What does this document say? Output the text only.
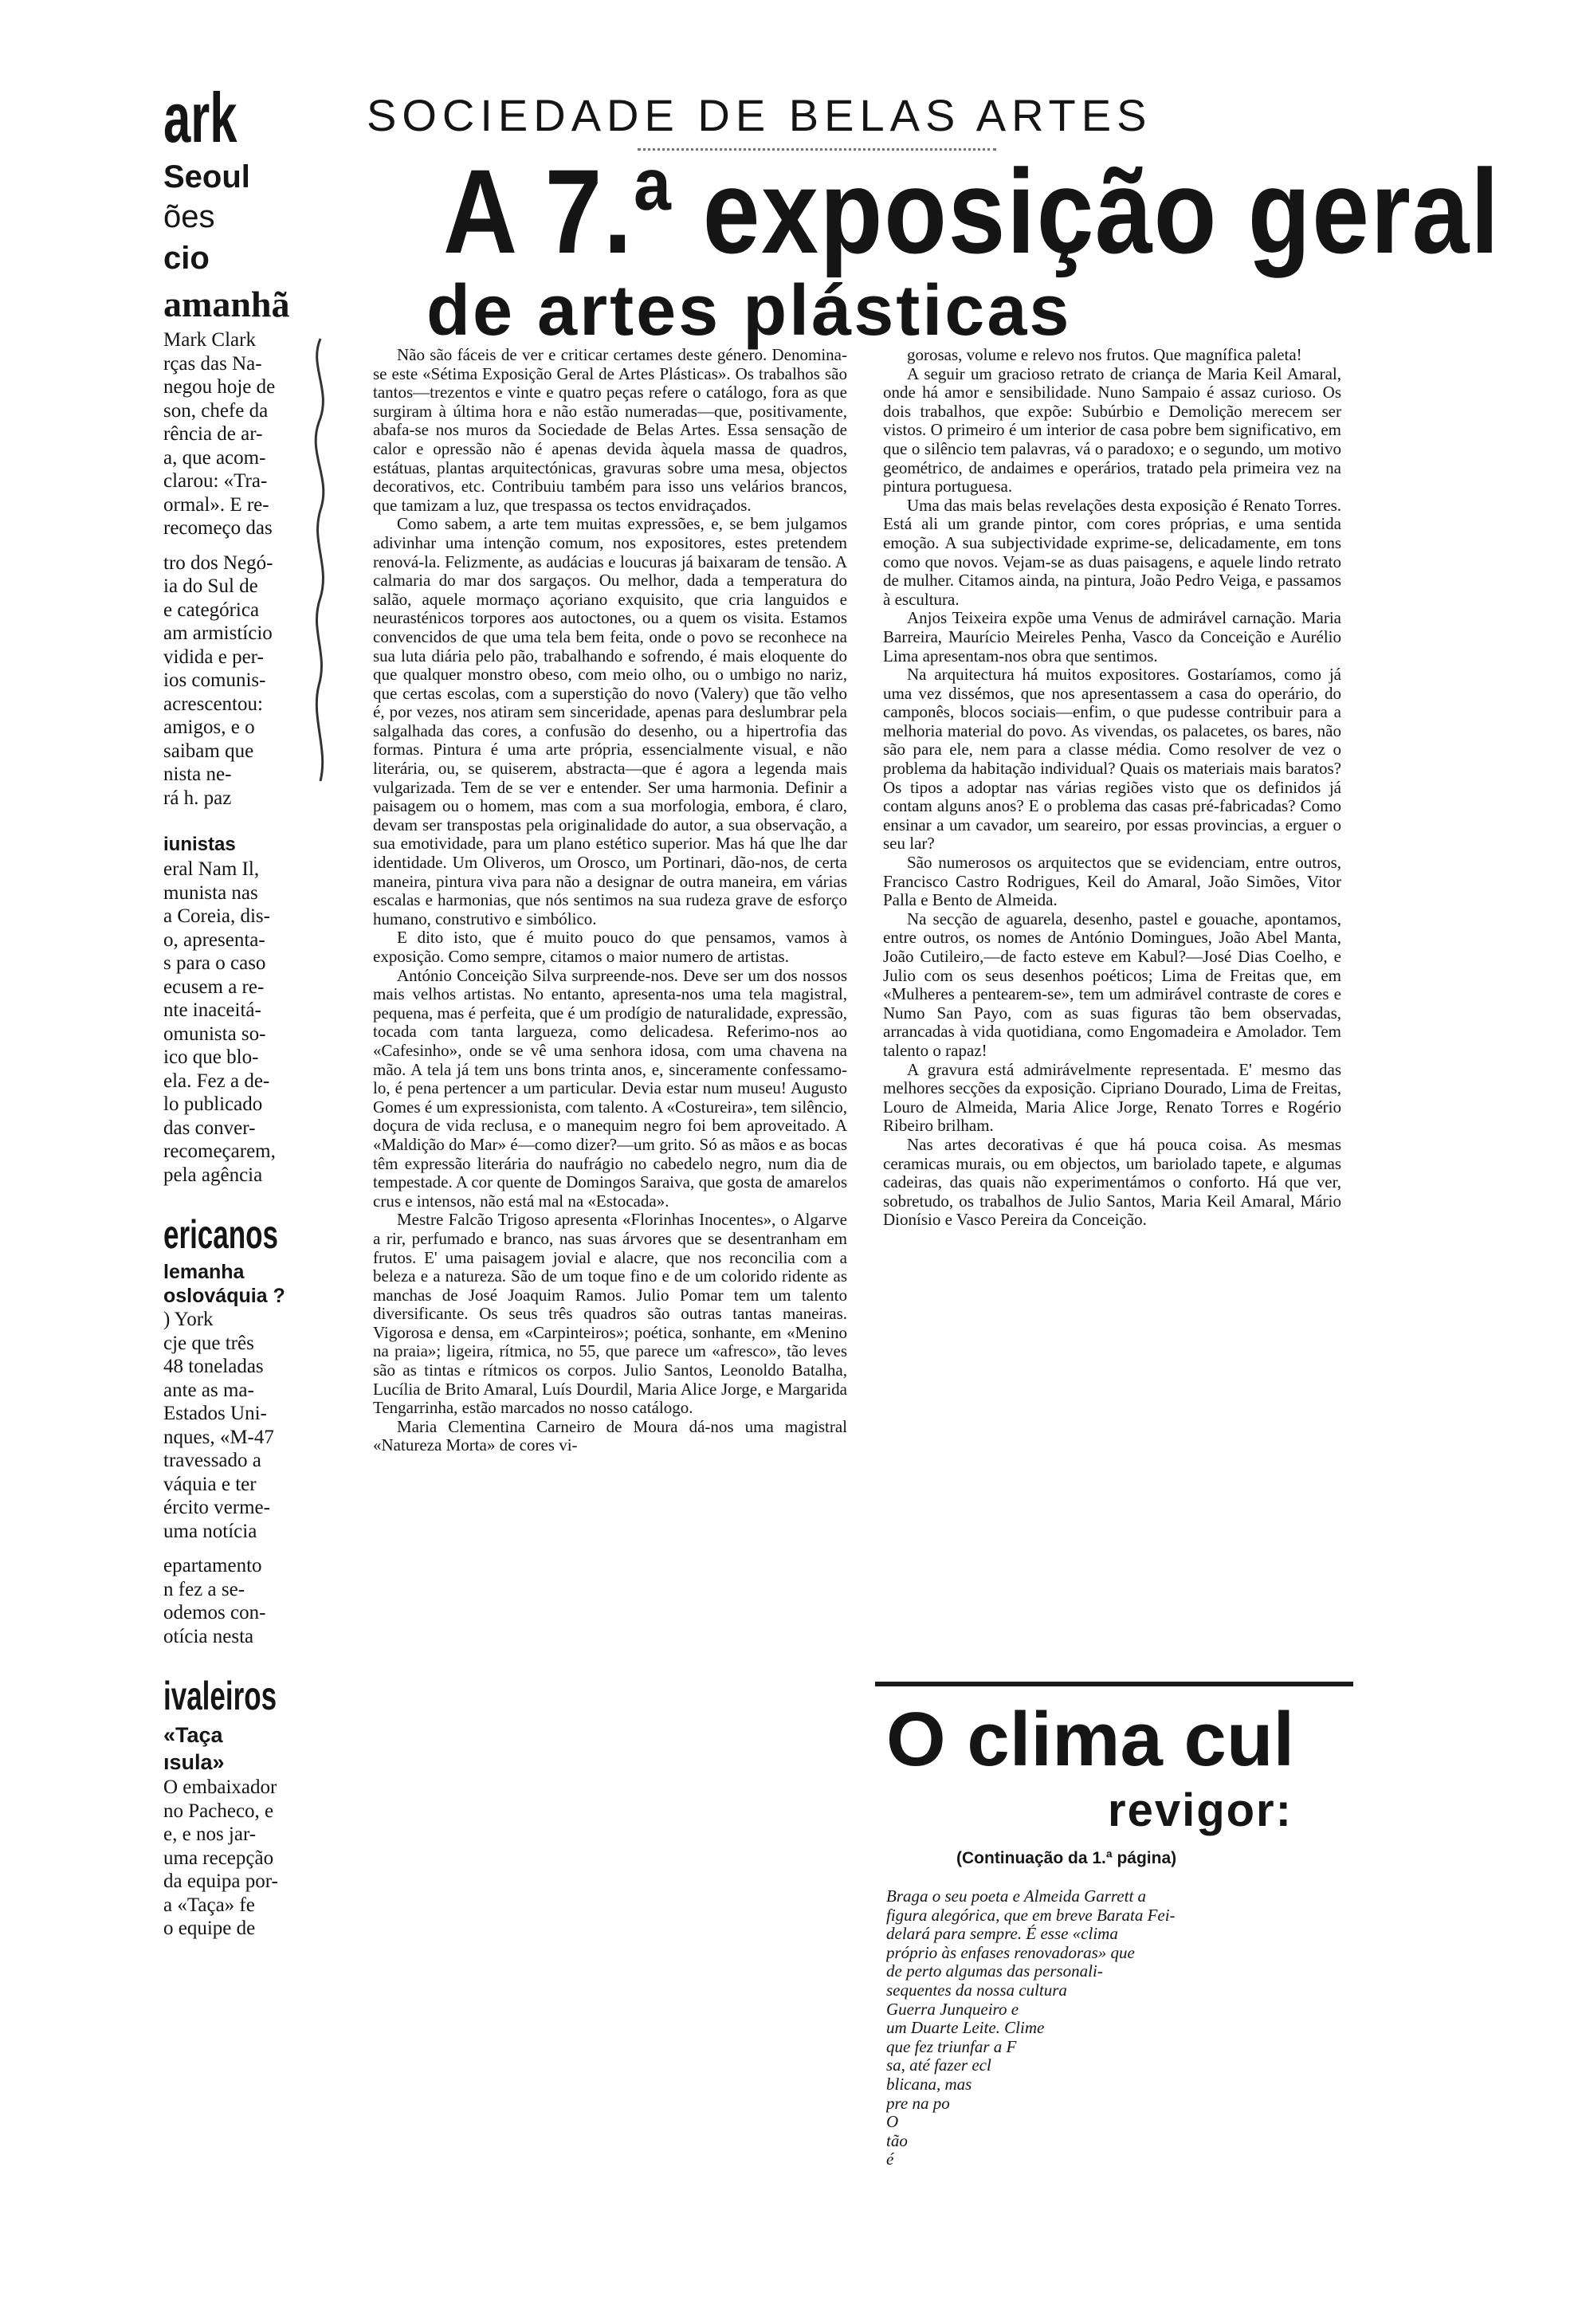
ark
Seoul
ões
cio
amanhã
Mark Clark
rças das Na-
negou hoje de
son, chefe da
rência de ar-
a, que acom-
clarou: «Tra-
ormal». E re-
recomeço das
tro dos Negó-
ia do Sul de
e categórica
am armistício
vidida e per-
ios comunis-
acrescentou:
amigos, e o
saibam que
nista ne-
rá h. paz
iunistas
eral Nam Il,
munista nas
a Coreia, dis-
o, apresenta-
s para o caso
ecusem a re-
nte inaceitá-
omunista so-
ico que blo-
ela. Fez a de-
lo publicado
das conver-
recomeçarem,
pela agência
ericanos
lemanha
oslováquia ?
) York
cje que três
48 toneladas
ante as ma-
Estados Uni-
nques, «M-47
travessado a
váquia e ter
ército verme-
uma notícia
epartamento
n fez a se-
odemos con-
otícia nesta
ivaleiros
«Taça
ısula»
O embaixador
no Pacheco, e
e, e nos jar-
uma recepção
da equipa por-
a «Taça» fe
o equipe de
SOCIEDADE DE BELAS ARTES
A 7.ª exposição geral
de artes plásticas

Não são fáceis de ver e criticar certames deste género. Denomina-se este «Sétima Exposição Geral de Artes Plásticas». Os trabalhos são tantos—trezentos e vinte e quatro peças refere o catálogo, fora as que surgiram à última hora e não estão numeradas—que, positivamente, abafa-se nos muros da Sociedade de Belas Artes. Essa sensação de calor e opressão não é apenas devida àquela massa de quadros, estátuas, plantas arquitectónicas, gravuras sobre uma mesa, objectos decorativos, etc. Contribuiu também para isso uns velários brancos, que tamizam a luz, que trespassa os tectos envidraçados.

Como sabem, a arte tem muitas expressões, e, se bem julgamos adivinhar uma intenção comum, nos expositores, estes pretendem renová-la. Felizmente, as audácias e loucuras já baixaram de tensão. A calmaria do mar dos sargaços. Ou melhor, dada a temperatura do salão, aquele mormaço açoriano exquisito, que cria languidos e neurasténicos torpores aos autoctones, ou a quem os visita. Estamos convencidos de que uma tela bem feita, onde o povo se reconhece na sua luta diária pelo pão, trabalhando e sofrendo, é mais eloquente do que qualquer monstro obeso, com meio olho, ou o umbigo no nariz, que certas escolas, com a superstição do novo (Valery) que tão velho é, por vezes, nos atiram sem sinceridade, apenas para deslumbrar pela salgalhada das cores, a confusão do desenho, ou a hipertrofia das formas. Pintura é uma arte própria, essencialmente visual, e não literária, ou, se quiserem, abstracta—que é agora a legenda mais vulgarizada. Tem de se ver e entender. Ser uma harmonia. Definir a paisagem ou o homem, mas com a sua morfologia, embora, é claro, devam ser transpostas pela originalidade do autor, a sua observação, a sua emotividade, para um plano estético superior. Mas há que lhe dar identidade. Um Oliveros, um Orosco, um Portinari, dão-nos, de certa maneira, pintura viva para não a designar de outra maneira, em várias escalas e harmonias, que nós sentimos na sua rudeza grave de esforço humano, construtivo e simbólico.

E dito isto, que é muito pouco do que pensamos, vamos à exposição. Como sempre, citamos o maior numero de artistas.

António Conceição Silva surpreende-nos. Deve ser um dos nossos mais velhos artistas. No entanto, apresenta-nos uma tela magistral, pequena, mas é perfeita, que é um prodígio de naturalidade, expressão, tocada com tanta largueza, como delicadesa. Referimo-nos ao «Cafesinho», onde se vê uma senhora idosa, com uma chavena na mão. A tela já tem uns bons trinta anos, e, sinceramente confessamo-lo, é pena pertencer a um particular. Devia estar num museu! Augusto Gomes é um expressionista, com talento. A «Costureira», tem silêncio, doçura de vida reclusa, e o manequim negro foi bem aproveitado. A «Maldição do Mar» é—como dizer?—um grito. Só as mãos e as bocas têm expressão literária do naufrágio no cabedelo negro, num dia de tempestade. A cor quente de Domingos Saraiva, que gosta de amarelos crus e intensos, não está mal na «Estocada».

Mestre Falcão Trigoso apresenta «Florinhas Inocentes», o Algarve a rir, perfumado e branco, nas suas árvores que se desentranham em frutos. E' uma paisagem jovial e alacre, que nos reconcilia com a beleza e a natureza. São de um toque fino e de um colorido ridente as manchas de José Joaquim Ramos. Julio Pomar tem um talento diversificante. Os seus três quadros são outras tantas maneiras. Vigorosa e densa, em «Carpinteiros»; poética, sonhante, em «Menino na praia»; ligeira, rítmica, no 55, que parece um «afresco», tão leves são as tintas e rítmicos os corpos. Julio Santos, Leonoldo Batalha, Lucília de Brito Amaral, Luís Dourdil, Maria Alice Jorge, e Margarida Tengarrinha, estão marcados no nosso catálogo.

Maria Clementina Carneiro de Moura dá-nos uma magistral «Natureza Morta» de cores vi-

gorosas, volume e relevo nos frutos. Que magnífica paleta!

A seguir um gracioso retrato de criança de Maria Keil Amaral, onde há amor e sensibilidade. Nuno Sampaio é assaz curioso. Os dois trabalhos, que expõe: Subúrbio e Demolição merecem ser vistos. O primeiro é um interior de casa pobre bem significativo, em que o silêncio tem palavras, vá o paradoxo; e o segundo, um motivo geométrico, de andaimes e operários, tratado pela primeira vez na pintura portuguesa.

Uma das mais belas revelações desta exposição é Renato Torres. Está ali um grande pintor, com cores próprias, e uma sentida emoção. A sua subjectividade exprime-se, delicadamente, em tons como que novos. Vejam-se as duas paisagens, e aquele lindo retrato de mulher. Citamos ainda, na pintura, João Pedro Veiga, e passamos à escultura.

Anjos Teixeira expõe uma Venus de admirável carnação. Maria Barreira, Maurício Meireles Penha, Vasco da Conceição e Aurélio Lima apresentam-nos obra que sentimos.

Na arquitectura há muitos expositores. Gostaríamos, como já uma vez dissémos, que nos apresentassem a casa do operário, do camponês, blocos sociais—enfim, o que pudesse contribuir para a melhoria material do povo. As vivendas, os palacetes, os bares, não são para ele, nem para a classe média. Como resolver de vez o problema da habitação individual? Quais os materiais mais baratos? Os tipos a adoptar nas várias regiões visto que os definidos já contam alguns anos? E o problema das casas pré-fabricadas? Como ensinar a um cavador, um seareiro, por essas provincias, a erguer o seu lar?

São numerosos os arquitectos que se evidenciam, entre outros, Francisco Castro Rodrigues, Keil do Amaral, João Simões, Vitor Palla e Bento de Almeida.

Na secção de aguarela, desenho, pastel e gouache, apontamos, entre outros, os nomes de António Domingues, João Abel Manta, João Cutileiro,—de facto esteve em Kabul?—José Dias Coelho, e Julio com os seus desenhos poéticos; Lima de Freitas que, em «Mulheres a pentearem-se», tem um admirável contraste de cores e Numo San Payo, com as suas figuras tão bem observadas, arrancadas à vida quotidiana, como Engomadeira e Amolador. Tem talento o rapaz!

A gravura está admirávelmente representada. E' mesmo das melhores secções da exposição. Cipriano Dourado, Lima de Freitas, Louro de Almeida, Maria Alice Jorge, Renato Torres e Rogério Ribeiro brilham.

Nas artes decorativas é que há pouca coisa. As mesmas ceramicas murais, ou em objectos, um bariolado tapete, e algumas cadeiras, das quais não experimentámos o conforto. Há que ver, sobretudo, os trabalhos de Julio Santos, Maria Keil Amaral, Mário Dionísio e Vasco Pereira da Conceição.

O clima cul
revigor:
(Continuação da 1.ª página)

Braga o seu poeta e Almeida Garrett a

figura alegórica, que em breve Barata Fei-

delará para sempre. É esse «clima

próprio às enfases renovadoras» que

de perto algumas das personali-

sequentes da nossa cultura

Guerra Junqueiro e

um Duarte Leite. Clime

que fez triunfar a F

sa, até fazer ecl

blicana, mas

pre na po

O

tão

é
